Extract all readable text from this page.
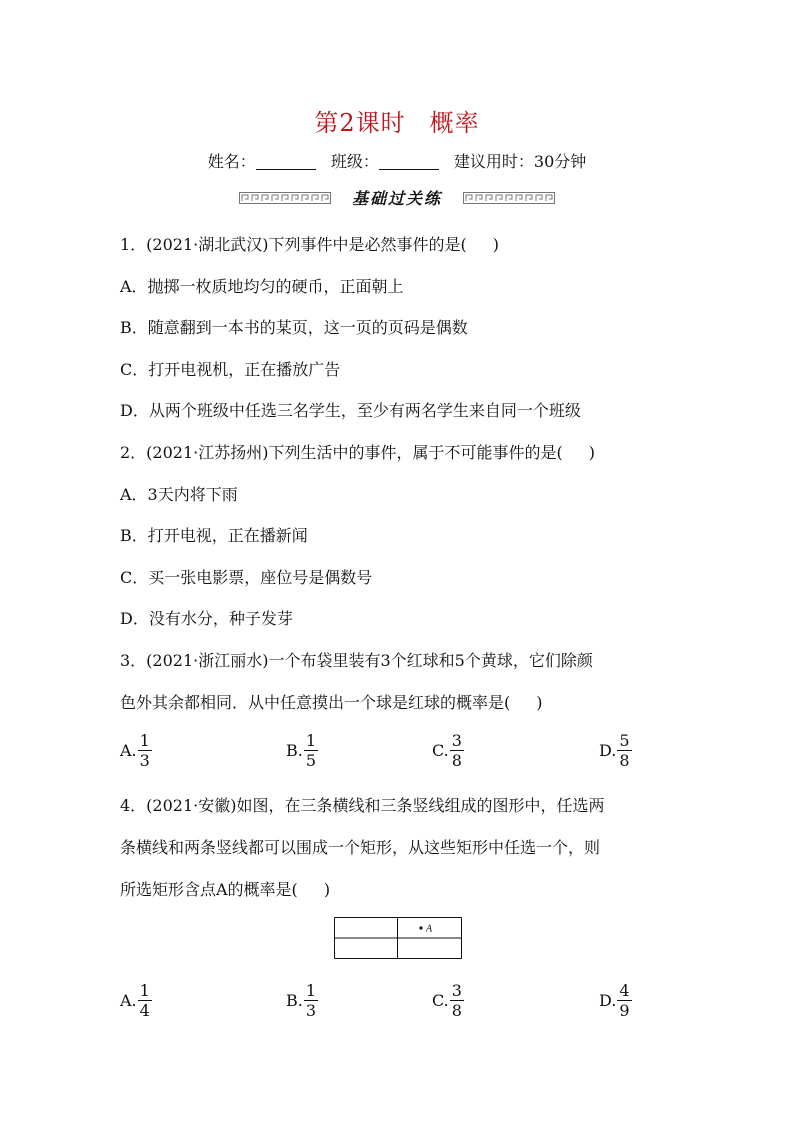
第2课时 概率
姓名：	班级：	建议用时：30分钟
基础过关练
1．(2021·湖北武汉)下列事件中是必然事件的是( )
A．抛掷一枚质地均匀的硬币，正面朝上
B．随意翻到一本书的某页，这一页的页码是偶数
C．打开电视机，正在播放广告
D．从两个班级中任选三名学生，至少有两名学生来自同一个班级
2．(2021·江苏扬州)下列生活中的事件，属于不可能事件的是( )
A．3天内将下雨
B．打开电视，正在播新闻
C．买一张电影票，座位号是偶数号
D．没有水分，种子发芽
3．(2021·浙江丽水)一个布袋里装有3个红球和5个黄球，它们除颜
色外其余都相同．从中任意摸出一个球是红球的概率是( )
A. $\frac{1}{3}$	B. $\frac{1}{5}$	C. $\frac{3}{8}$	D. $\frac{5}{8}$
4．(2021·安徽)如图，在三条横线和三条竖线组成的图形中，任选两
条横线和两条竖线都可以围成一个矩形，从这些矩形中任选一个，则
所选矩形含点A的概率是( )
A
A. $\frac{1}{4}$	B. $\frac{1}{3}$	C. $\frac{3}{8}$	D. $\frac{4}{9}$
